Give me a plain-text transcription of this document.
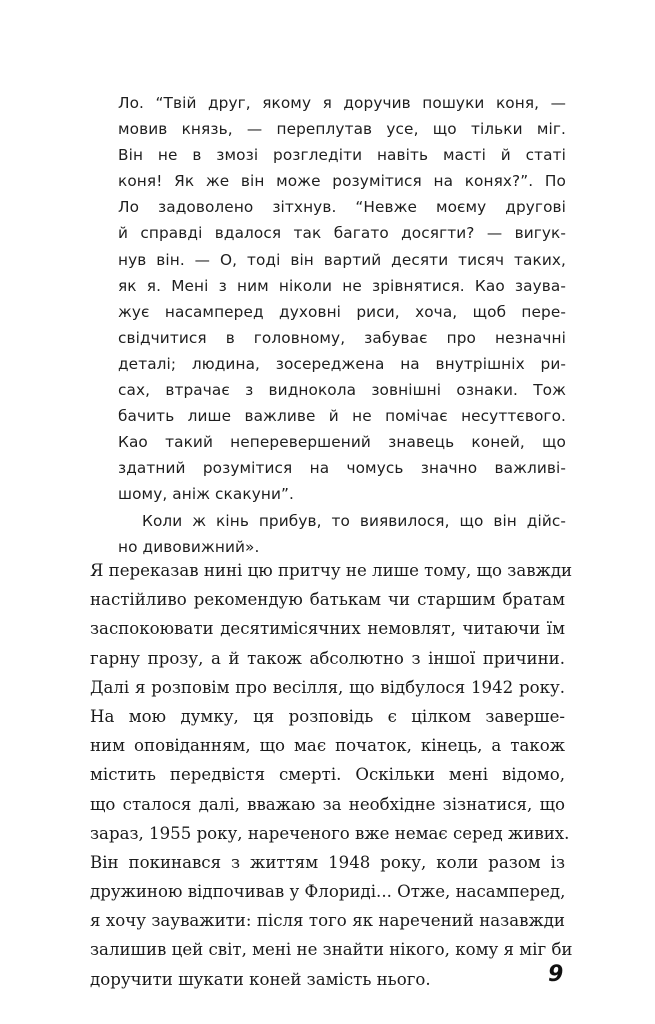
Ло. “Твій друг, якому я доручив пошуки коня, —
мовив князь, — переплутав усе, що тільки міг.
Він не в змозі розгледіти навіть масті й статі
коня! Як же він може розумітися на конях?”. По
Ло задоволено зітхнув. “Невже моєму другові
й справді вдалося так багато досягти? — вигук-
нув він. — О, тоді він вартий десяти тисяч таких,
як я. Мені з ним ніколи не зрівнятися. Као заува-
жує насамперед духовні риси, хоча, щоб пере-
свідчитися в головному, забуває про незначні
деталі; людина, зосереджена на внутрішніх ри-
сах, втрачає з виднокола зовнішні ознаки. Тож
бачить лише важливе й не помічає несуттєвого.
Као такий неперевершений знавець коней, що
здатний розумітися на чомусь значно важливі-
шому, аніж скакуни”.
Коли ж кінь прибув, то виявилося, що він дійс-
но дивовижний».
Я переказав нині цю притчу не лише тому, що завжди
настійливо рекомендую батькам чи старшим братам
заспокоювати десятимісячних немовлят, читаючи їм
гарну прозу, а й також абсолютно з іншої причини.
Далі я розповім про весілля, що відбулося 1942 року.
На мою думку, ця розповідь є цілком заверше-
ним оповіданням, що має початок, кінець, а також
містить передвістя смерті. Оскільки мені відомо,
що сталося далі, вважаю за необхідне зізнатися, що
зараз, 1955 року, нареченого вже немає серед живих.
Він покинався з життям 1948 року, коли разом із
дружиною відпочивав у Флориді... Отже, насамперед,
я хочу зауважити: після того як наречений назавжди
залишив цей світ, мені не знайти нікого, кому я міг би
доручити шукати коней замість нього.	9
